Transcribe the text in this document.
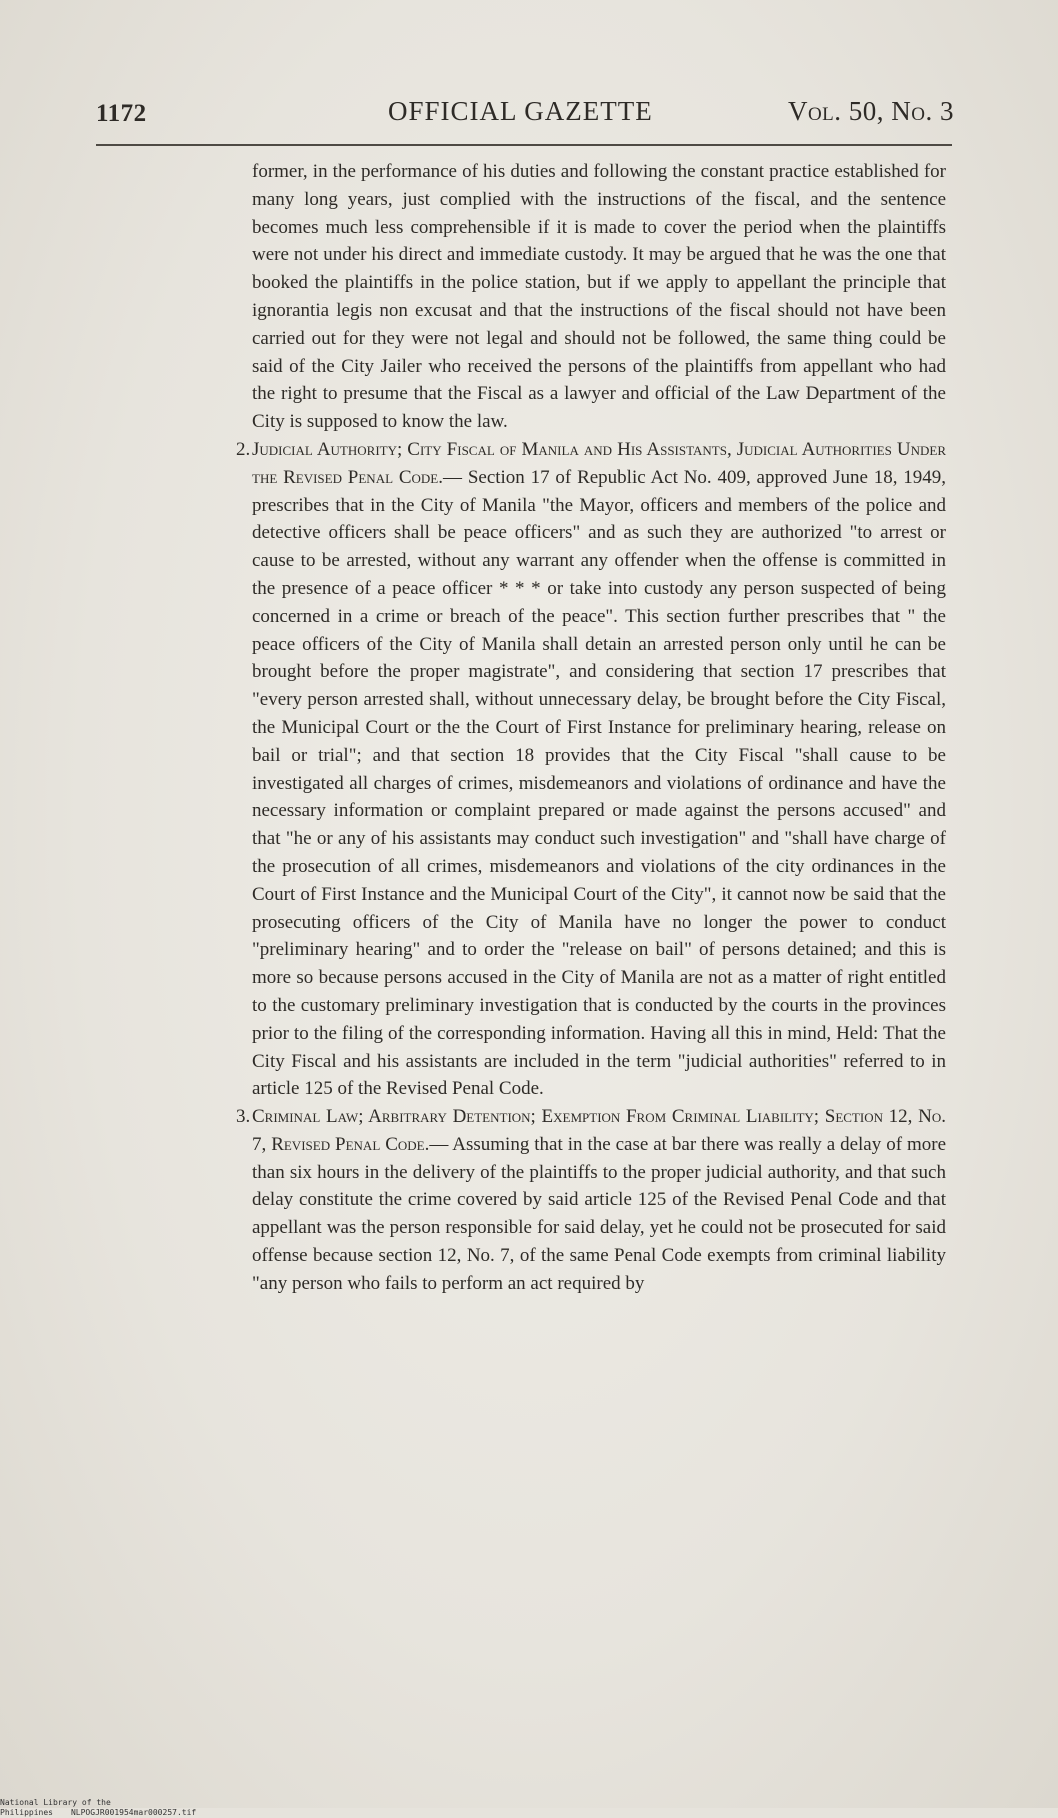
1172	OFFICIAL GAZETTE	Vol. 50, No. 3

former, in the performance of his duties and following the constant practice established for many long years, just complied with the instructions of the fiscal, and the sentence becomes much less comprehensible if it is made to cover the period when the plaintiffs were not under his direct and immediate custody. It may be argued that he was the one that booked the plaintiffs in the police station, but if we apply to appellant the principle that ignorantia legis non excusat and that the instructions of the fiscal should not have been carried out for they were not legal and should not be followed, the same thing could be said of the City Jailer who received the persons of the plaintiffs from appellant who had the right to presume that the Fiscal as a lawyer and official of the Law Department of the City is supposed to know the law.

2. Judicial Authority; City Fiscal of Manila and His Assistants, Judicial Authorities Under the Revised Penal Code.— Section 17 of Republic Act No. 409, approved June 18, 1949, prescribes that in the City of Manila "the Mayor, officers and members of the police and detective officers shall be peace officers" and as such they are authorized "to arrest or cause to be arrested, without any warrant any offender when the offense is committed in the presence of a peace officer * * * or take into custody any person suspected of being concerned in a crime or breach of the peace". This section further prescribes that " the peace officers of the City of Manila shall detain an arrested person only until he can be brought before the proper magistrate", and considering that section 17 prescribes that "every person arrested shall, without unnecessary delay, be brought before the City Fiscal, the Municipal Court or the the Court of First Instance for preliminary hearing, release on bail or trial"; and that section 18 provides that the City Fiscal "shall cause to be investigated all charges of crimes, misdemeanors and violations of ordinance and have the necessary information or complaint prepared or made against the persons accused" and that "he or any of his assistants may conduct such investigation" and "shall have charge of the prosecution of all crimes, misdemeanors and violations of the city ordinances in the Court of First Instance and the Municipal Court of the City", it cannot now be said that the prosecuting officers of the City of Manila have no longer the power to conduct "preliminary hearing" and to order the "release on bail" of persons detained; and this is more so because persons accused in the City of Manila are not as a matter of right entitled to the customary preliminary investigation that is conducted by the courts in the provinces prior to the filing of the corresponding information. Having all this in mind, Held: That the City Fiscal and his assistants are included in the term "judicial authorities" referred to in article 125 of the Revised Penal Code.

3. Criminal Law; Arbitrary Detention; Exemption From Criminal Liability; Section 12, No. 7, Revised Penal Code.— Assuming that in the case at bar there was really a delay of more than six hours in the delivery of the plaintiffs to the proper judicial authority, and that such delay constitute the crime covered by said article 125 of the Revised Penal Code and that appellant was the person responsible for said delay, yet he could not be prosecuted for said offense because section 12, No. 7, of the same Penal Code exempts from criminal liability "any person who fails to perform an act required by

National Library of the Philippines NLPOGJR001954mar000257.tif
